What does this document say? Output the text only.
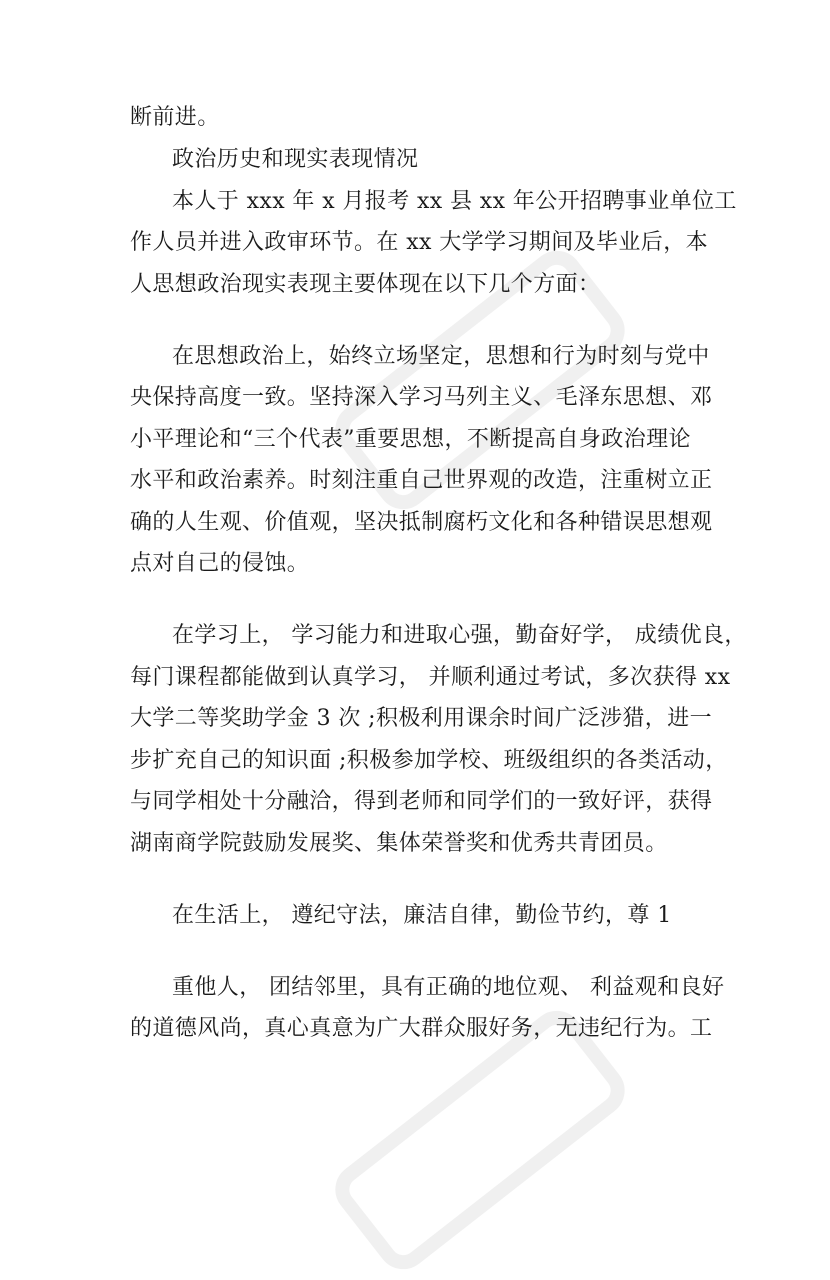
断前进。
政治历史和现实表现情况
本人于 xxx 年 x 月报考 xx 县 xx 年公开招聘事业单位工
作人员并进入政审环节。在 xx 大学学习期间及毕业后，本
人思想政治现实表现主要体现在以下几个方面：
在思想政治上，始终立场坚定，思想和行为时刻与党中
央保持高度一致。坚持深入学习马列主义、毛泽东思想、邓
小平理论和“三个代表”重要思想，不断提高自身政治理论
水平和政治素养。时刻注重自己世界观的改造，注重树立正
确的人生观、价值观，坚决抵制腐朽文化和各种错误思想观
点对自己的侵蚀。
在学习上， 学习能力和进取心强，勤奋好学， 成绩优良，
每门课程都能做到认真学习， 并顺利通过考试，多次获得 xx
大学二等奖助学金 3 次 ;积极利用课余时间广泛涉猎，进一
步扩充自己的知识面 ;积极参加学校、班级组织的各类活动，
与同学相处十分融洽，得到老师和同学们的一致好评，获得
湖南商学院鼓励发展奖、集体荣誉奖和优秀共青团员。
在生活上， 遵纪守法，廉洁自律，勤俭节约，尊 1
重他人， 团结邻里，具有正确的地位观、 利益观和良好
的道德风尚，真心真意为广大群众服好务，无违纪行为。工
